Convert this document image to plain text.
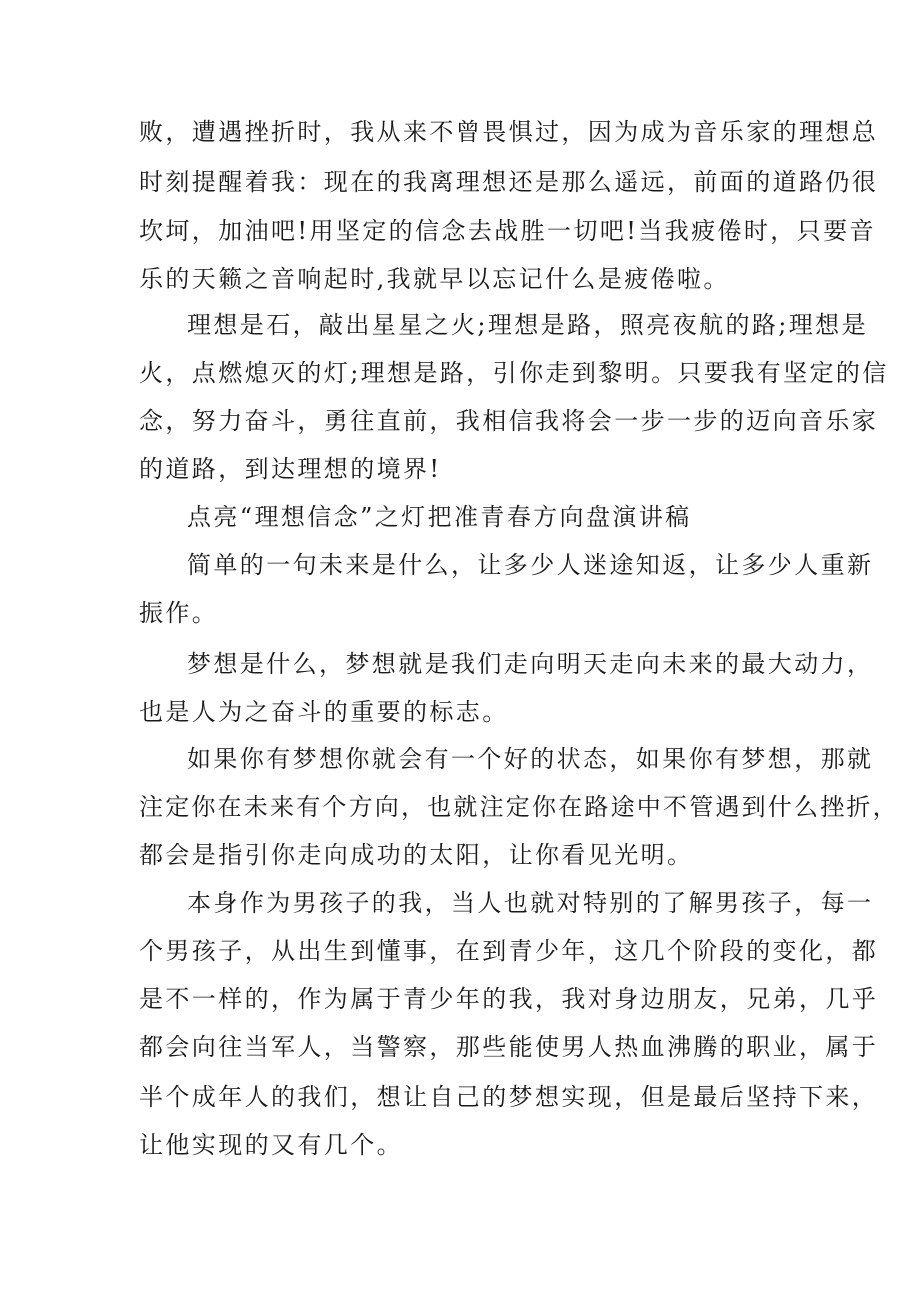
败，遭遇挫折时，我从来不曾畏惧过，因为成为音乐家的理想总
时刻提醒着我：现在的我离理想还是那么遥远，前面的道路仍很
坎坷，加油吧!用坚定的信念去战胜一切吧!当我疲倦时，只要音
乐的天籁之音响起时,我就早以忘记什么是疲倦啦。
理想是石，敲出星星之火;理想是路，照亮夜航的路;理想是
火，点燃熄灭的灯;理想是路，引你走到黎明。只要我有坚定的信
念，努力奋斗，勇往直前，我相信我将会一步一步的迈向音乐家
的道路，到达理想的境界!
点亮“理想信念”之灯把准青春方向盘演讲稿
简单的一句未来是什么，让多少人迷途知返，让多少人重新
振作。
梦想是什么，梦想就是我们走向明天走向未来的最大动力，
也是人为之奋斗的重要的标志。
如果你有梦想你就会有一个好的状态，如果你有梦想，那就
注定你在未来有个方向，也就注定你在路途中不管遇到什么挫折，
都会是指引你走向成功的太阳，让你看见光明。
本身作为男孩子的我，当人也就对特别的了解男孩子，每一
个男孩子，从出生到懂事，在到青少年，这几个阶段的变化，都
是不一样的，作为属于青少年的我，我对身边朋友，兄弟，几乎
都会向往当军人，当警察，那些能使男人热血沸腾的职业，属于
半个成年人的我们，想让自己的梦想实现，但是最后坚持下来，
让他实现的又有几个。
